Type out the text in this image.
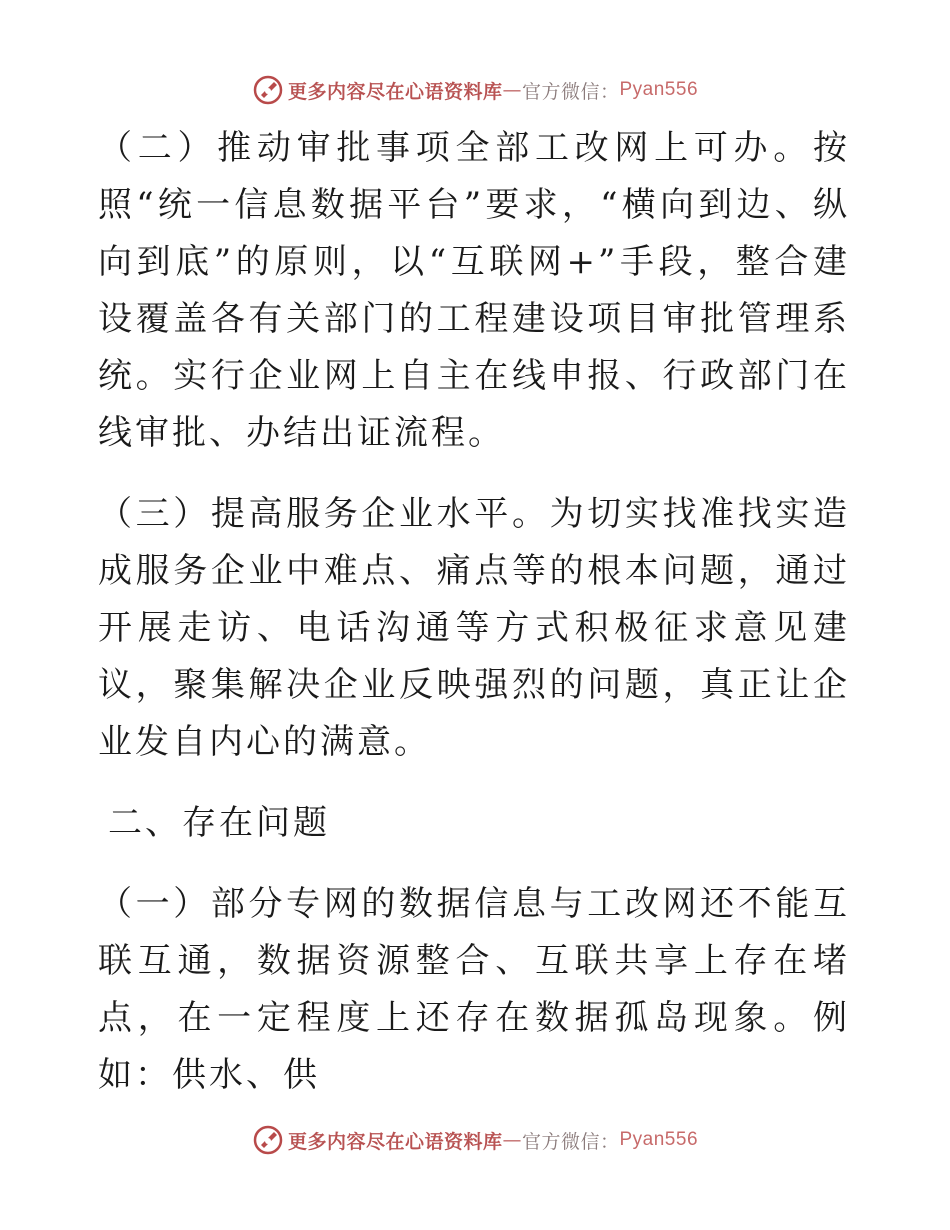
更多内容尽在心语资料库 — 官方微信： Pyan556

（二）推动审批事项全部工改网上可办。按照“统一信息数据平台”要求，“横向到边、纵向到底”的原则，以“互联网+”手段，整合建设覆盖各有关部门的工程建设项目审批管理系统。实行企业网上自主在线申报、行政部门在线审批、办结出证流程。

（三）提高服务企业水平。为切实找准找实造成服务企业中难点、痛点等的根本问题，通过开展走访、电话沟通等方式积极征求意见建议，聚集解决企业反映强烈的问题，真正让企业发自内心的满意。

二、存在问题

（一）部分专网的数据信息与工改网还不能互联互通，数据资源整合、互联共享上存在堵点，在一定程度上还存在数据孤岛现象。例如：供水、供

更多内容尽在心语资料库 — 官方微信： Pyan556
